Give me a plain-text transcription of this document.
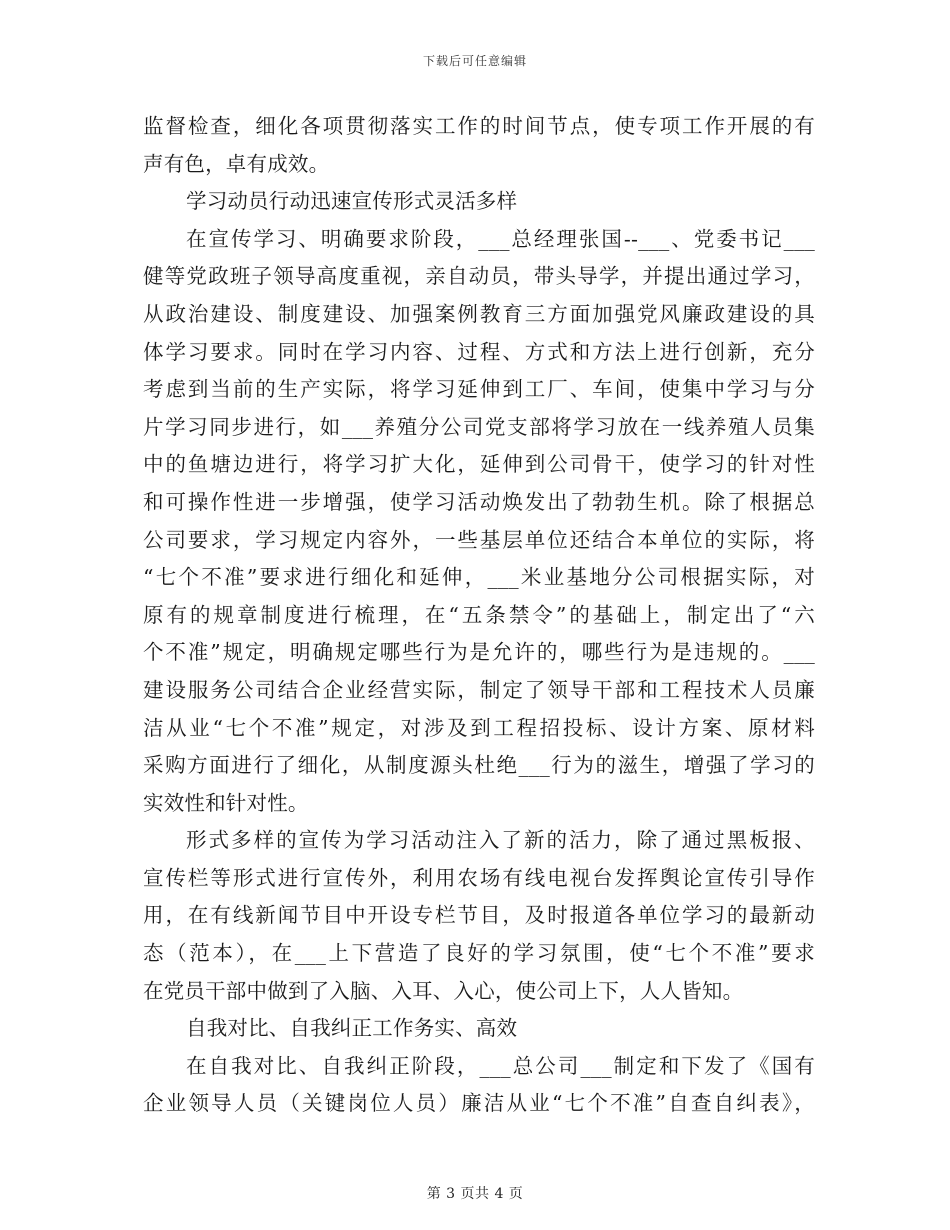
下载后可任意编辑
监督检查，细化各项贯彻落实工作的时间节点，使专项工作开展的有
声有色，卓有成效。
学习动员行动迅速宣传形式灵活多样
在宣传学习、明确要求阶段，___总经理张国--___、党委书记___
健等党政班子领导高度重视，亲自动员，带头导学，并提出通过学习，
从政治建设、制度建设、加强案例教育三方面加强党风廉政建设的具
体学习要求。同时在学习内容、过程、方式和方法上进行创新，充分
考虑到当前的生产实际，将学习延伸到工厂、车间，使集中学习与分
片学习同步进行，如___养殖分公司党支部将学习放在一线养殖人员集
中的鱼塘边进行，将学习扩大化，延伸到公司骨干，使学习的针对性
和可操作性进一步增强，使学习活动焕发出了勃勃生机。除了根据总
公司要求，学习规定内容外，一些基层单位还结合本单位的实际，将
“七个不准”要求进行细化和延伸，___米业基地分公司根据实际，对
原有的规章制度进行梳理，在“五条禁令”的基础上，制定出了“六
个不准”规定，明确规定哪些行为是允许的，哪些行为是违规的。___
建设服务公司结合企业经营实际，制定了领导干部和工程技术人员廉
洁从业“七个不准”规定，对涉及到工程招投标、设计方案、原材料
采购方面进行了细化，从制度源头杜绝___行为的滋生，增强了学习的
实效性和针对性。
形式多样的宣传为学习活动注入了新的活力，除了通过黑板报、
宣传栏等形式进行宣传外，利用农场有线电视台发挥舆论宣传引导作
用，在有线新闻节目中开设专栏节目，及时报道各单位学习的最新动
态（范本），在___上下营造了良好的学习氛围，使“七个不准”要求
在党员干部中做到了入脑、入耳、入心，使公司上下，人人皆知。
自我对比、自我纠正工作务实、高效
在自我对比、自我纠正阶段，___总公司___制定和下发了《国有
企业领导人员（关键岗位人员）廉洁从业“七个不准”自查自纠表》，
第 3 页共 4 页
